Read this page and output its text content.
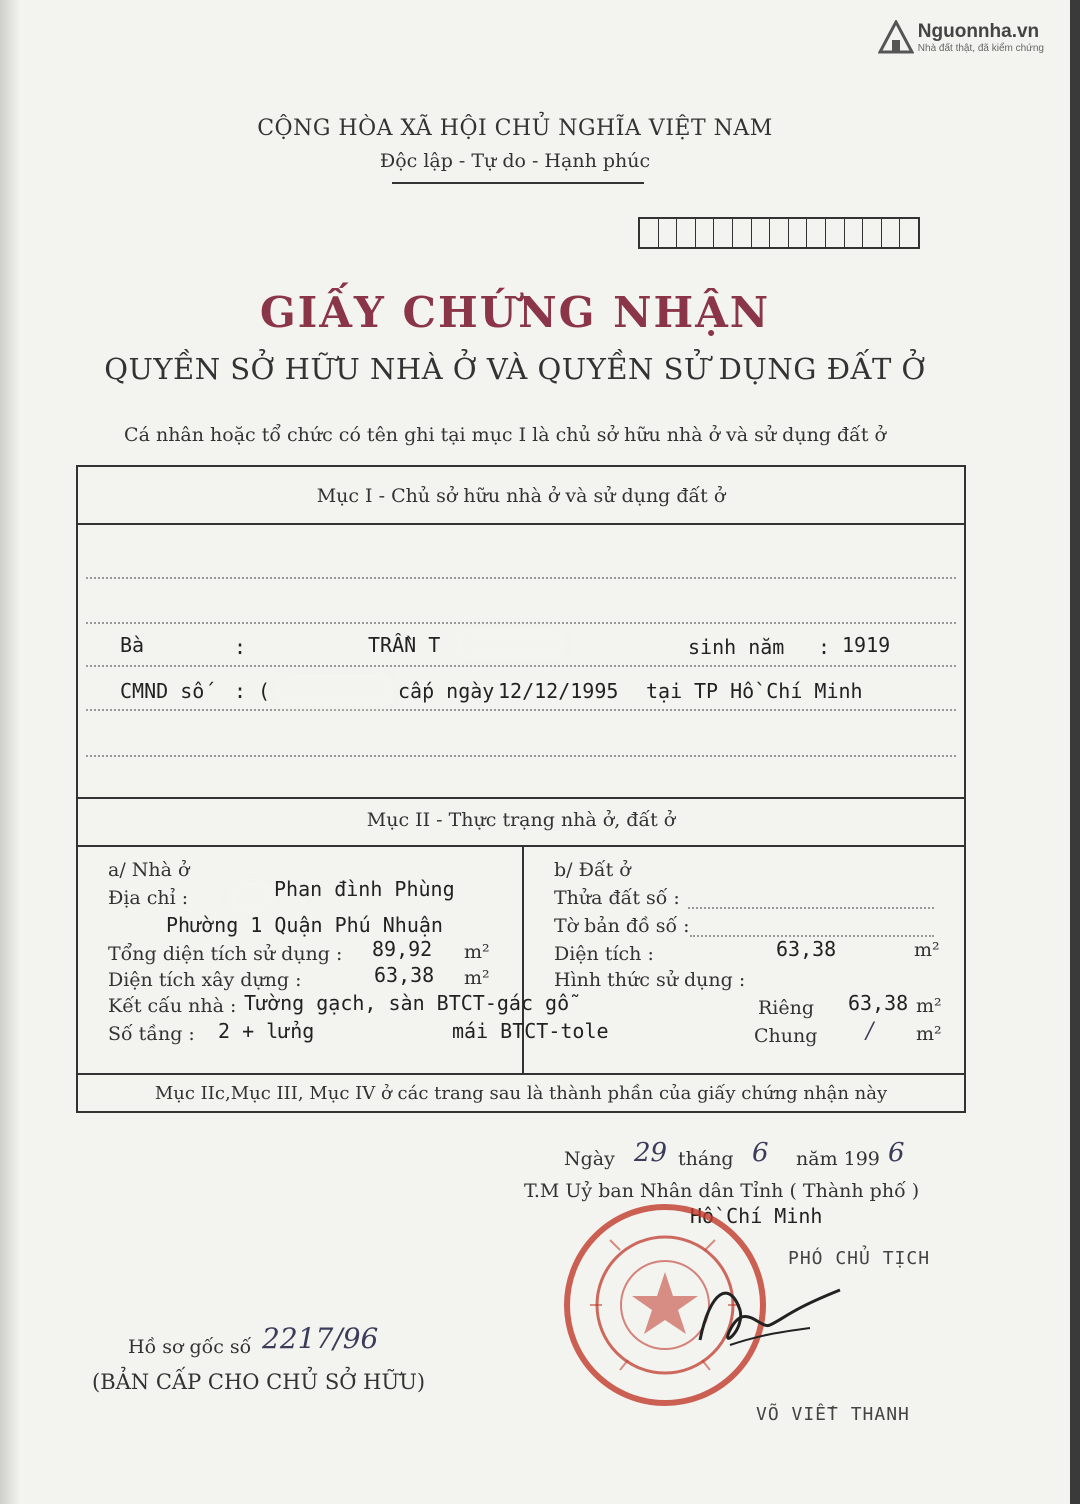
Nguonnha.vn
Nhà đất thật, đã kiểm chứng
CỘNG HÒA XÃ HỘI CHỦ NGHĨA VIỆT NAM
Độc lập - Tự do - Hạnh phúc
GIẤY CHỨNG NHẬN
QUYỀN SỞ HỮU NHÀ Ở VÀ QUYỀN SỬ DỤNG ĐẤT Ở
Cá nhân hoặc tổ chức có tên ghi tại mục I là chủ sở hữu nhà ở và sử dụng đất ở
Mục I - Chủ sở hữu nhà ở và sử dụng đất ở
Bà	:	TRẦN T	sinh năm : 1919
CMND số : (	cấp ngày 12/12/1995 tại TP Hồ Chí Minh
Mục II - Thực trạng nhà ở, đất ở
a/ Nhà ở
Địa chỉ :	Phan đình Phùng
Phường 1 Quận Phú Nhuận
Tổng diện tích sử dụng : 89,92 m²
Diện tích xây dựng :	63,38 m²
Kết cấu nhà : Tường gạch, sàn BTCT-gác gỗ
Số tầng : 2 + lửng	mái BTCT-tole
b/ Đất ở
Thửa đất số :
Tờ bản đồ số :
Diện tích :	63,38	m²
Hình thức sử dụng :
Riêng 63,38 m²
Chung / m²
Mục IIc,Mục III, Mục IV ở các trang sau là thành phần của giấy chứng nhận này
Ngày 29 tháng 6 năm 199 6
T.M Uỷ ban Nhân dân Tỉnh ( Thành phố )
Hồ Chí Minh
PHÓ CHỦ TỊCH
VÕ VIẾT THANH
Hồ sơ gốc số 2217/96
(BẢN CẤP CHO CHỦ SỞ HỮU)
